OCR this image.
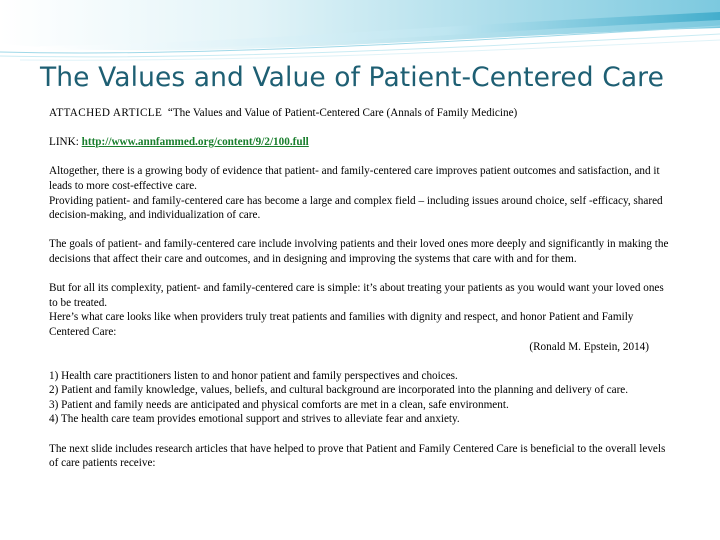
The Values and Value of Patient-Centered Care

ATTACHED ARTICLE “The Values and Value of Patient-Centered Care (Annals of Family Medicine)

LINK: http://www.annfammed.org/content/9/2/100.full

Altogether, there is a growing body of evidence that patient- and family-centered care improves patient outcomes and satisfaction, and it leads to more cost-effective care.

Providing patient- and family-centered care has become a large and complex field – including issues around choice, self -efficacy, shared decision-making, and individualization of care.

The goals of patient- and family-centered care include involving patients and their loved ones more deeply and significantly in making the decisions that affect their care and outcomes, and in designing and improving the systems that care with and for them.

But for all its complexity, patient- and family-centered care is simple: it’s about treating your patients as you would want your loved ones to be treated.

Here’s what care looks like when providers truly treat patients and families with dignity and respect, and honor Patient and Family Centered Care:

(Ronald M. Epstein, 2014)

1) Health care practitioners listen to and honor patient and family perspectives and choices.

2) Patient and family knowledge, values, beliefs, and cultural background are incorporated into the planning and delivery of care.

3) Patient and family needs are anticipated and physical comforts are met in a clean, safe environment.

4) The health care team provides emotional support and strives to alleviate fear and anxiety.

The next slide includes research articles that have helped to prove that Patient and Family Centered Care is beneficial to the overall levels of care patients receive:
